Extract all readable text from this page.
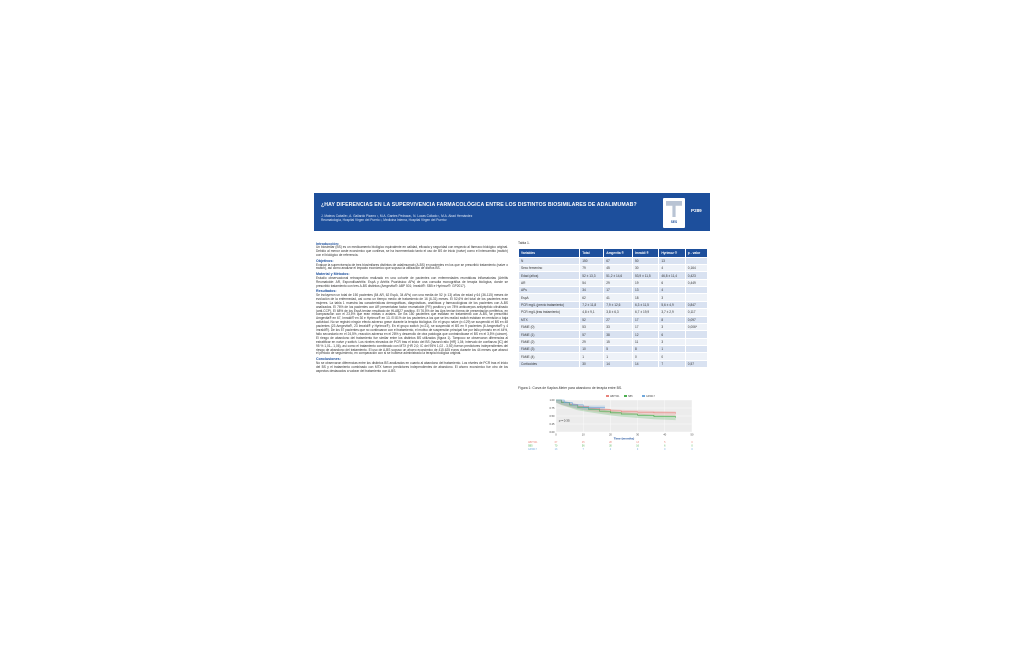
¿HAY DIFERENCIAS EN LA SUPERVIVENCIA FARMACOLÓGICA ENTRE LOS DISTINTOS BIOSIMILARES DE ADALIMUMAB?
J. Mateos Caballe¹, A. Gallardo Pizarro ¹, M.A. Gantes Pedraza¹, N. Lucas Collado ¹, M.A. Abad Hernández
Reumatología, Hospital Virgen del Puerto ¹, Medicina Interna, Hospital Virgen del Puerto²	SES
P289
Introducción:

Un biosimilar (BS) es un medicamento biológico equivalente en calidad, eficacia y seguridad con respecto al fármaco biológico original. Debido al menor coste económico que conlleva, se ha incrementado tanto el uso de BS de inicio (naive) como el intercambio (switch) con el biológico de referencia.

Objetivos:

Evaluar la supervivencia de tres biosimilares distintos de adalimumab (A-BS) en pacientes en los que se prescribió tratamiento (naive o switch), así como analizar el impacto económico que supuso la utilización de dichos BS.

Material y Métodos:

Estudio observacional retrospectivo realizado en una cohorte de pacientes con enfermedades reumáticas inflamatorias (Artritis Reumatoide: AR, Espondiloartritis: EspA y Artritis Psoriásica: APs) de una consulta monográfica de terapia biológica, donde se prescribió tratamiento con tres A-BS distintos (Amgevita®: ABP 501; Imraldi®: SB5 e Hyrimoz®: GP2017).

Resultados:

Se incluyeron un total de 150 pacientes (54 AR, 62 EspA, 34 APs) con una media de 52 (± 13) años de edad y 64 (36-115) meses de evolución de la enfermedad, así como un tiempo medio de tratamiento de 16 (6-31) meses. El 52,6% del total de los pacientes eran mujeres. La tabla 1 muestra las características demográficas, diagnósticas, analíticas y farmacológicas de los pacientes con A-BS analizados. El 76% de los pacientes con AR presentaban factor reumatoide (FR) positivo y un 78% anticuerpos antipéptido citrulinado (anti-CCP). El 68% de los EspA tenían resultado de HLAB27 positivo. El 76,5% de las Aps tenían forma de presentación periférica, en comparación con el 23,5% que eran mixtas o axiales. De los 150 pacientes que estaban en tratamiento con A-BS, se prescribió Amgevita® en 67, Imraldi® en 30 e Hyrimoz® en 13. El 81% de los pacientes a los que se les realizó switch estaban en remisión o baja actividad. No se registró ningún efecto adverso grave durante la terapia biológica. En el grupo naive (n=129) se suspendió el BS en 48 pacientes (23 Amgevita®, 23 Imraldi® y Hyrimoz®). En el grupo switch (n=21), se suspendió el BS en 9 pacientes (6 Amgevita® y 4 Imraldi®). De los 57 pacientes que no continuaron con el tratamiento, el motivo de suspensión principal fue por fallo primario en el 44%, fallo secundario en el 24,5%, reacción adversa en el 28% y desarrollo de otra patología que contraindicase el BS en el 3,5% (cáncer). El riesgo de abandono del tratamiento fue similar entre los distintos BS utilizados (figura 1). Tampoco se observaron diferencias al estratificar en naive y switch. Los niveles elevados de PCR tras el inicio del BS (hazard ratio [HR] 1,04; intervalo de confianza [IC] del 95 % 1,01– 1,06), así como el tratamiento combinado con MTX (HR 2,0; IC del 95% 1,02 - 3,92) fueron predictores independientes del riesgo de abandono del tratamiento. El uso de A-BS supuso un ahorro económico de 415.625 euros durante los 44 meses que abarcó el periodo de seguimiento, en comparación con si se hubiese administrado la terapia biológica original.

Conclusiones:

No se observaron diferencias entre los distintos BS analizados en cuanto al abandono del tratamiento. Los niveles de PCR tras el inicio del BS y el tratamiento combinado con MTX fueron predictores independientes de abandono. El ahorro económico fue otro de los aspectos destacados a valorar del tratamiento con A-BS.

Tabla 1.
Variables	Total	Amgevita ®	Imraldi ®	Hyrimoz ®	p - valor
N	150	67	50	13	
Sexo femenino	79	45	30	4	0,164
Edad (años)	52 ± 13,3	51,2 ± 14,6	53,9 ± 11,5	46,8 ± 11,4	0,423
AR	54	29	19	6	0,449
APs	34	17	13	4	
EspA	62	41	18	3	
PCR mg/L (previo tratamiento)	7,2 ± 11,8	7,9 ± 12,6	6,3 ± 11,5	5,6 ± 4,9	0,847
PCR mg/L(tras tratamiento)	4,8 ± 9,1	3,8 ± 6,3	6,7 ± 19,9	3,7 ± 2,9	0,117
MTX	52	27	17	8	0,097
FAME (0)	53	33	17	3	0,006*
FAME (1)	57	38	12	6	
FAME (2)	29	15	11	3	
FAME (3)	10	5	8	1	
FAME (4)	1	1	0	0	
Corticoides	30	14	14	7	0,57
Figura 1: Curva de Kaplan-Meier para abandono de terapia entre BS.
0.00
0.25
0.50
0.75
1.00
0	10	20	30	40	50
Time (months)
ABP 501	SB5	GP2017
p = 0.35
ABP 501	67	45	28	13	5	0
SB5	70	56	30	16	6	0
GP2017	13	7	2	0	0	0
